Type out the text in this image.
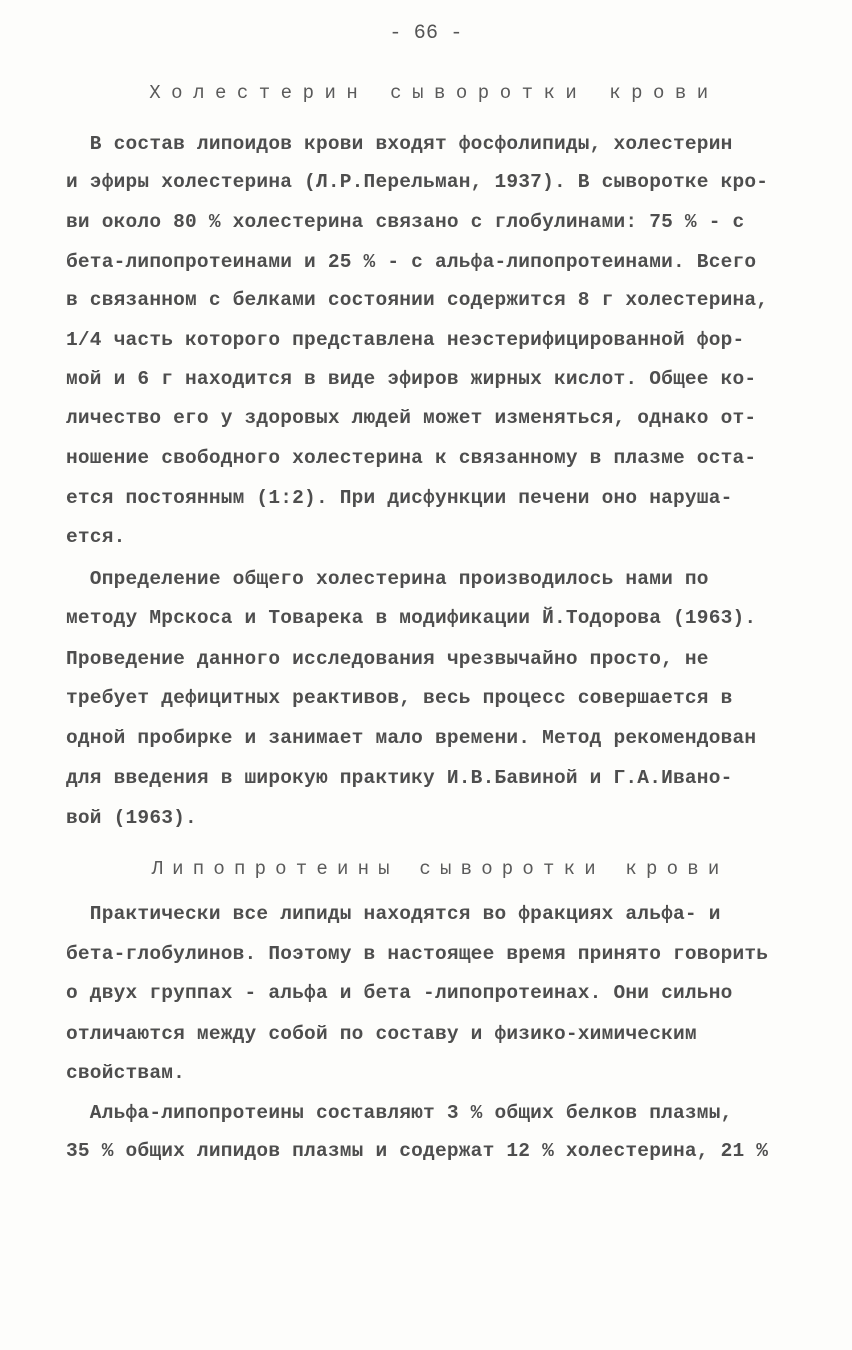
- 66 -
Холестерин сыворотки крови
В состав липоидов крови входят фосфолипиды, холестерин
и эфиры холестерина (Л.Р.Перельман, 1937). В сыворотке кро-
ви около 80 % холестерина связано с глобулинами: 75 % - с
бета-липопротеинами и 25 % - с альфа-липопротеинами. Всего
в связанном с белками состоянии содержится 8 г холестерина,
1/4 часть которого представлена неэстерифицированной фор-
мой и 6 г находится в виде эфиров жирных кислот. Общее ко-
личество его у здоровых людей может изменяться, однако от-
ношение свободного холестерина к связанному в плазме оста-
ется постоянным (1:2). При дисфункции печени оно наруша-
ется.
Определение общего холестерина производилось нами по
методу Мрскоса и Товарека в модификации Й.Тодорова (1963).
Проведение данного исследования чрезвычайно просто, не
требует дефицитных реактивов, весь процесс совершается в
одной пробирке и занимает мало времени. Метод рекомендован
для введения в широкую практику И.В.Бавиной и Г.А.Ивано-
вой (1963).
Липопротеины сыворотки крови
Практически все липиды находятся во фракциях альфа- и
бета-глобулинов. Поэтому в настоящее время принято говорить
о двух группах - альфа и бета -липопротеинах. Они сильно
отличаются между собой по составу и физико-химическим
свойствам.
Альфа-липопротеины составляют 3 % общих белков плазмы,
35 % общих липидов плазмы и содержат 12 % холестерина, 21 %
